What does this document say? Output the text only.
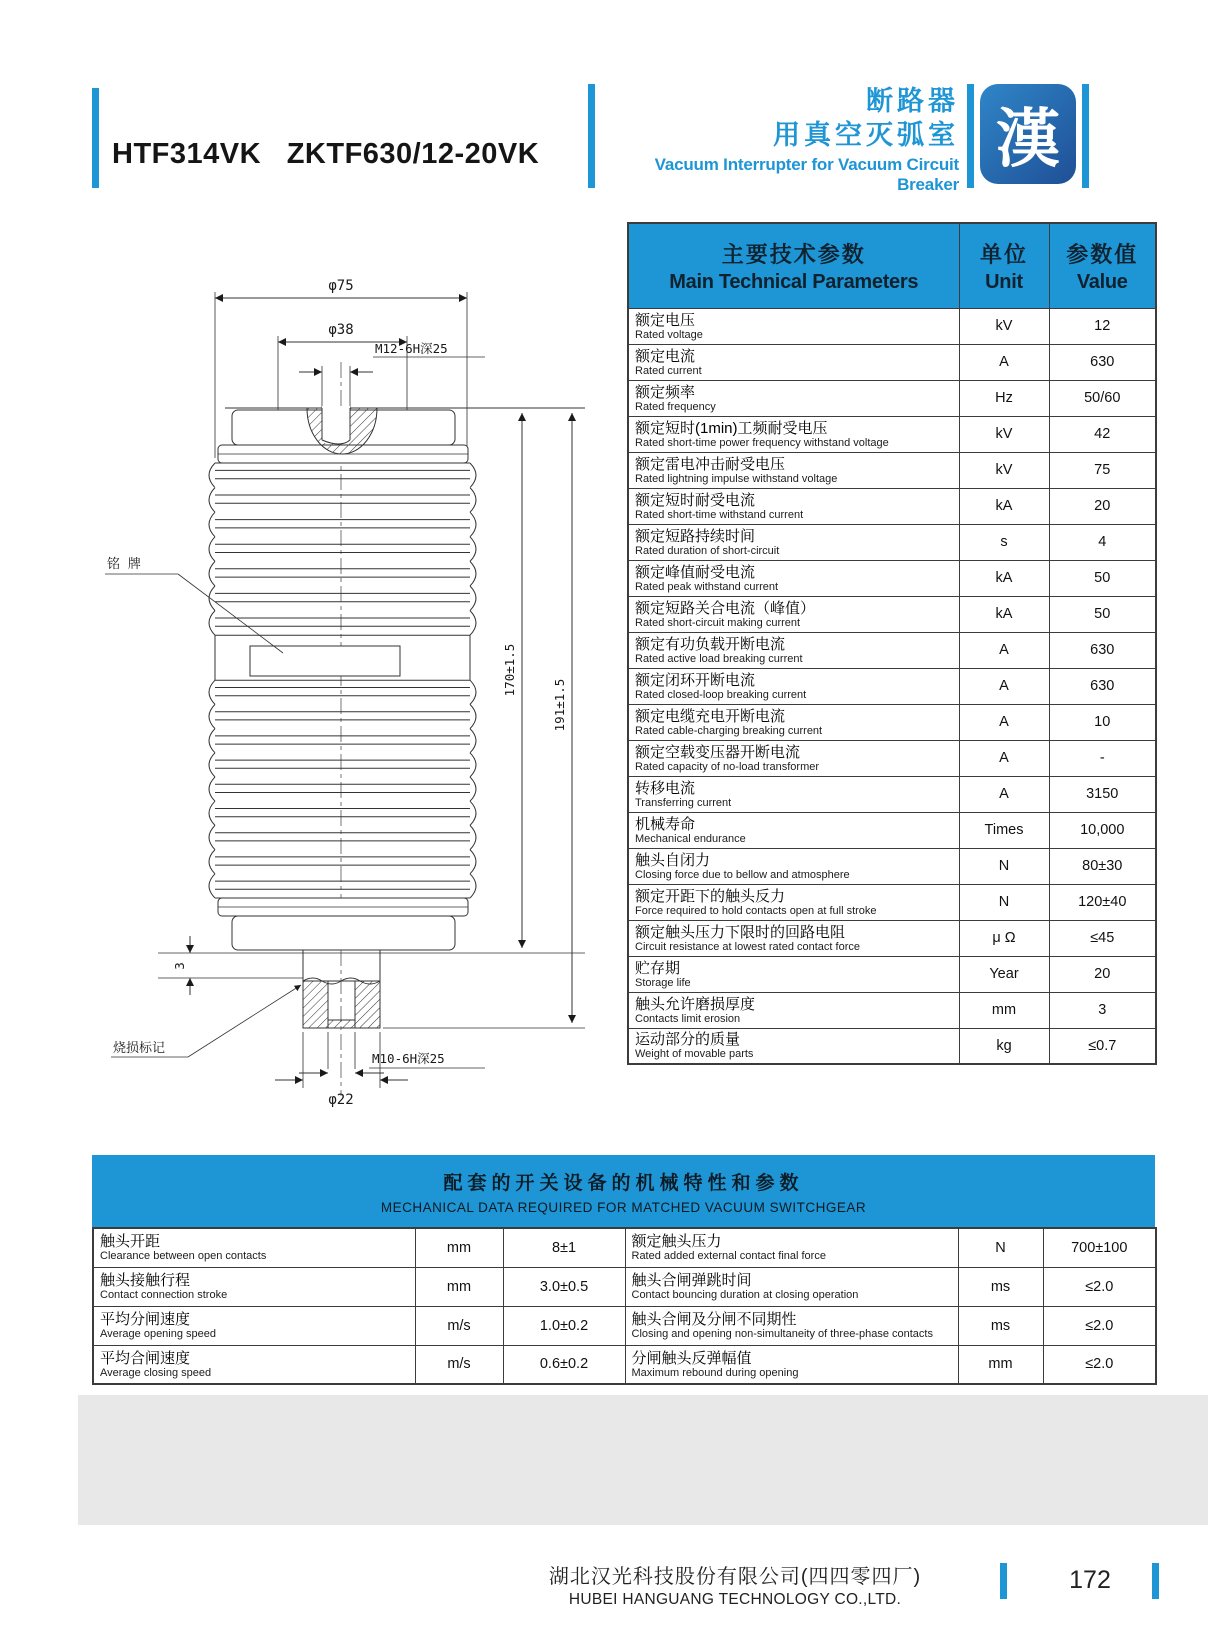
HTF314VK   ZKTF630/12-20VK
断路器
用真空灭弧室
Vacuum Interrupter for Vacuum Circuit Breaker
漢
φ75
φ38
M12-6H深25
170±1.5
191±1.5
3
铭 牌
烧损标记
M10-6H深25
φ22
主要技术参数
Main Technical Parameters

单位
Unit

参数值
Value

额定电压
Rated voltage	kV	12

额定电流
Rated current	A	630

额定频率
Rated frequency	Hz	50/60

额定短时(1min)工频耐受电压
Rated short-time power frequency withstand voltage	kV	42

额定雷电冲击耐受电压
Rated lightning impulse withstand voltage	kV	75

额定短时耐受电流
Rated short-time withstand current	kA	20

额定短路持续时间
Rated duration of short-circuit	s	4

额定峰值耐受电流
Rated peak withstand current	kA	50

额定短路关合电流（峰值）
Rated short-circuit making current	kA	50

额定有功负载开断电流
Rated active load breaking current	A	630

额定闭环开断电流
Rated closed-loop breaking current	A	630

额定电缆充电开断电流
Rated cable-charging breaking current	A	10

额定空载变压器开断电流
Rated capacity of no-load transformer	A	-

转移电流
Transferring current	A	3150

机械寿命
Mechanical endurance	Times	10,000

触头自闭力
Closing force due to bellow and atmosphere	N	80±30

额定开距下的触头反力
Force required to hold contacts open at full stroke	N	120±40

额定触头压力下限时的回路电阻
Circuit resistance at lowest rated contact force	μ Ω	≤45

贮存期
Storage life	Year	20

触头允许磨损厚度
Contacts limit erosion	mm	3

运动部分的质量
Weight of movable parts	kg	≤0.7
配套的开关设备的机械特性和参数
MECHANICAL DATA REQUIRED FOR MATCHED VACUUM SWITCHGEAR
触头开距
Clearance between open contacts
	mm	8±1	额定触头压力
Rated added external contact final force
	N	700±100

触头接触行程
Contact connection stroke
	mm	3.0±0.5	触头合闸弹跳时间
Contact bouncing duration at closing operation
	ms	≤2.0

平均分闸速度
Average opening speed
	m/s	1.0±0.2	触头合闸及分闸不同期性
Closing and opening non-simultaneity of three-phase contacts
	ms	≤2.0

平均合闸速度
Average closing speed
	m/s	0.6±0.2	分闸触头反弹幅值
Maximum rebound during opening
	mm	≤2.0
湖北汉光科技股份有限公司(四四零四厂)
HUBEI HANGUANG TECHNOLOGY CO.,LTD.
172
